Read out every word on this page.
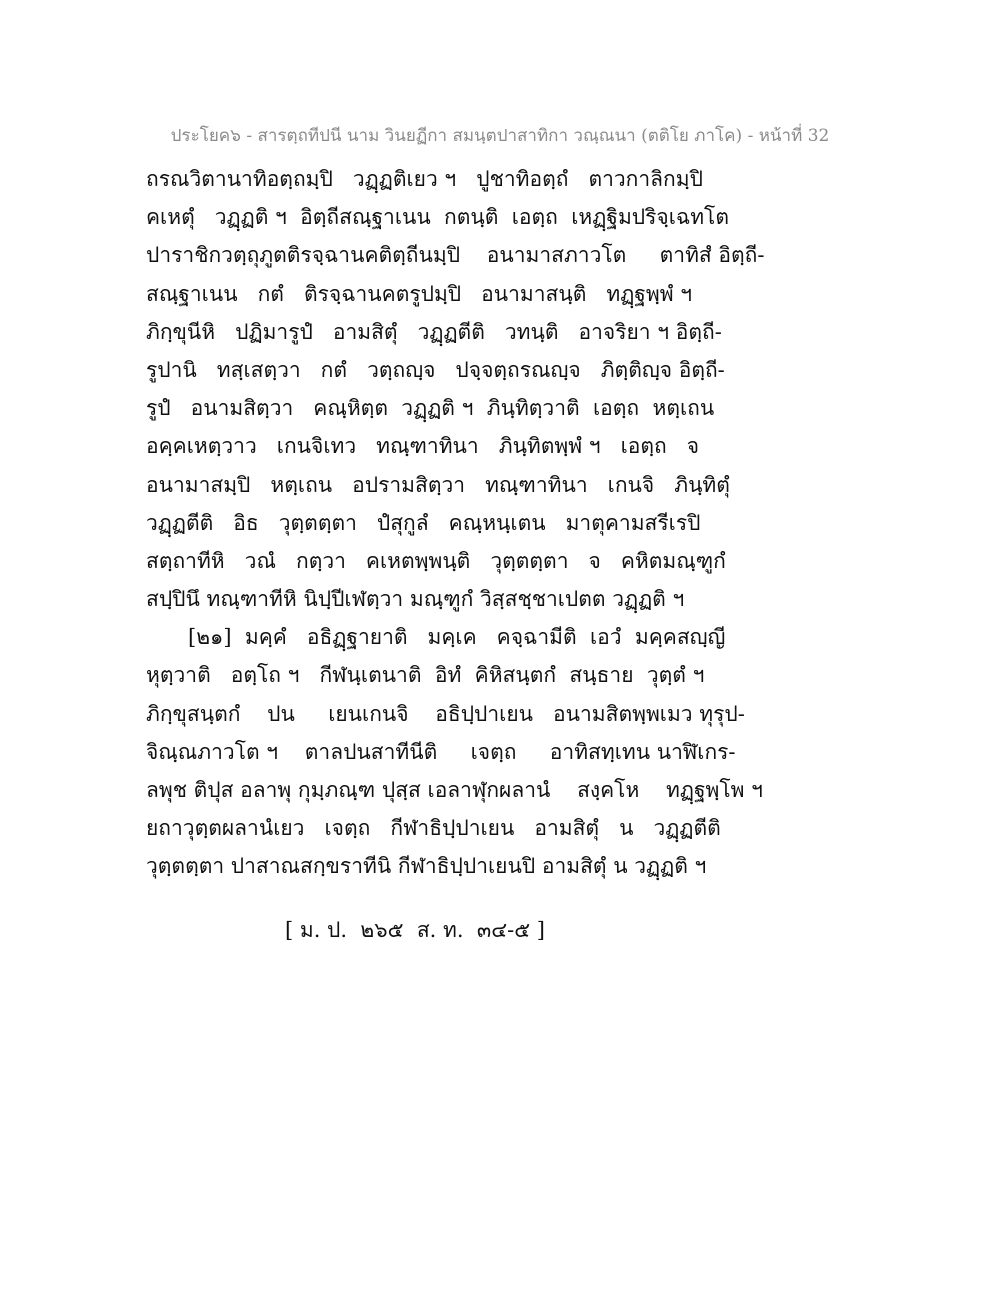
ประโยค๖ - สารตฺถทีปนี นาม วินยฏีกา สมนฺตปาสาทิกา วณฺณนา (ตติโย ภาโค) - หน้าที่ 32
ถรณวิตานาทิอตฺถมฺปิ   วฏฺฏติเยว ฯ   ปูชาทิอตฺถํ   ตาวกาลิกมฺปิ
คเหตุํ   วฏฺฏติ ฯ  อิตฺถีสณฺฐาเนน  กตนฺติ  เอตฺถ  เหฏฺฐิมปริจฺเฉทโต
ปาราชิกวตฺถุภูตติรจฺฉานคติตฺถีนมฺปิ    อนามาสภาวโต     ตาทิสํ อิตฺถี-
สณฺฐาเนน   กตํ   ติรจฺฉานคตรูปมฺปิ   อนามาสนฺติ   ทฏฺฐพฺพํ ฯ
ภิกฺขุนีหิ   ปฏิมารูปํ   อามสิตุํ   วฏฺฏตีติ   วทนฺติ   อาจริยา ฯ อิตฺถี-
รูปานิ   ทสฺเสตฺวา   กตํ   วตฺถญฺจ   ปจฺจตฺถรณญฺจ   ภิตฺติญฺจ อิตฺถี-
รูปํ   อนามสิตฺวา   คณฺหิตฺต  วฏฺฏติ ฯ  ภินฺทิตฺวาติ  เอตฺถ  หตฺเถน
อคฺคเหตฺวาว   เกนจิเทว   ทณฺฑาทินา   ภินฺทิตพฺพํ ฯ   เอตฺถ   จ
อนามาสมฺปิ   หตฺเถน   อปรามสิตฺวา   ทณฺฑาทินา   เกนจิ   ภินฺทิตุํ
วฏฺฏตีติ   อิธ   วุตฺตตฺตา   ปํสุกูลํ   คณฺหนฺเตน   มาตุคามสรีเรปิ
สตฺถาทีหิ   วณํ   กตฺวา   คเหตพฺพนฺติ   วุตฺตตฺตา   จ   คหิตมณฺฑูกํ
สปฺปินึ ทณฺฑาทีหิ นิปฺปีเฬตฺวา มณฺฑูกํ วิสฺสชฺชาเปตต วฏฺฏติ ฯ
[๒๑]  มคฺคํ   อธิฏฺฐายาติ   มคฺเค   คจฺฉามีติ  เอวํ  มคฺคสญฺญี
หุตฺวาติ   อตฺโถ ฯ   กีฬนฺเตนาติ  อิทํ  คิหิสนฺตกํ  สนฺธาย  วุตฺตํ ฯ
ภิกฺขุสนฺตกํ    ปน     เยนเกนจิ    อธิปฺปาเยน   อนามสิตพฺพเมว ทุรุป-
จิณฺณภาวโต ฯ    ตาลปนสาทีนีติ     เจตฺถ     อาทิสทฺเทน นาฬิเกร-
ลพุช ติปุส อลาพุ กุมฺภณฺฑ ปุสฺส เอลาฬุกผลานํ    สงฺคโห    ทฏฺฐพฺโพ ฯ
ยถาวุตฺตผลานํเยว   เจตฺถ   กีฬาธิปฺปาเยน   อามสิตุํ   น   วฏฺฏตีติ
วุตฺตตฺตา ปาสาณสกฺขราทีนิ กีฬาธิปฺปาเยนปิ อามสิตุํ น วฏฺฏติ ฯ
[ ม. ป.  ๒๖๕  ส. ท.  ๓๔-๕ ]
